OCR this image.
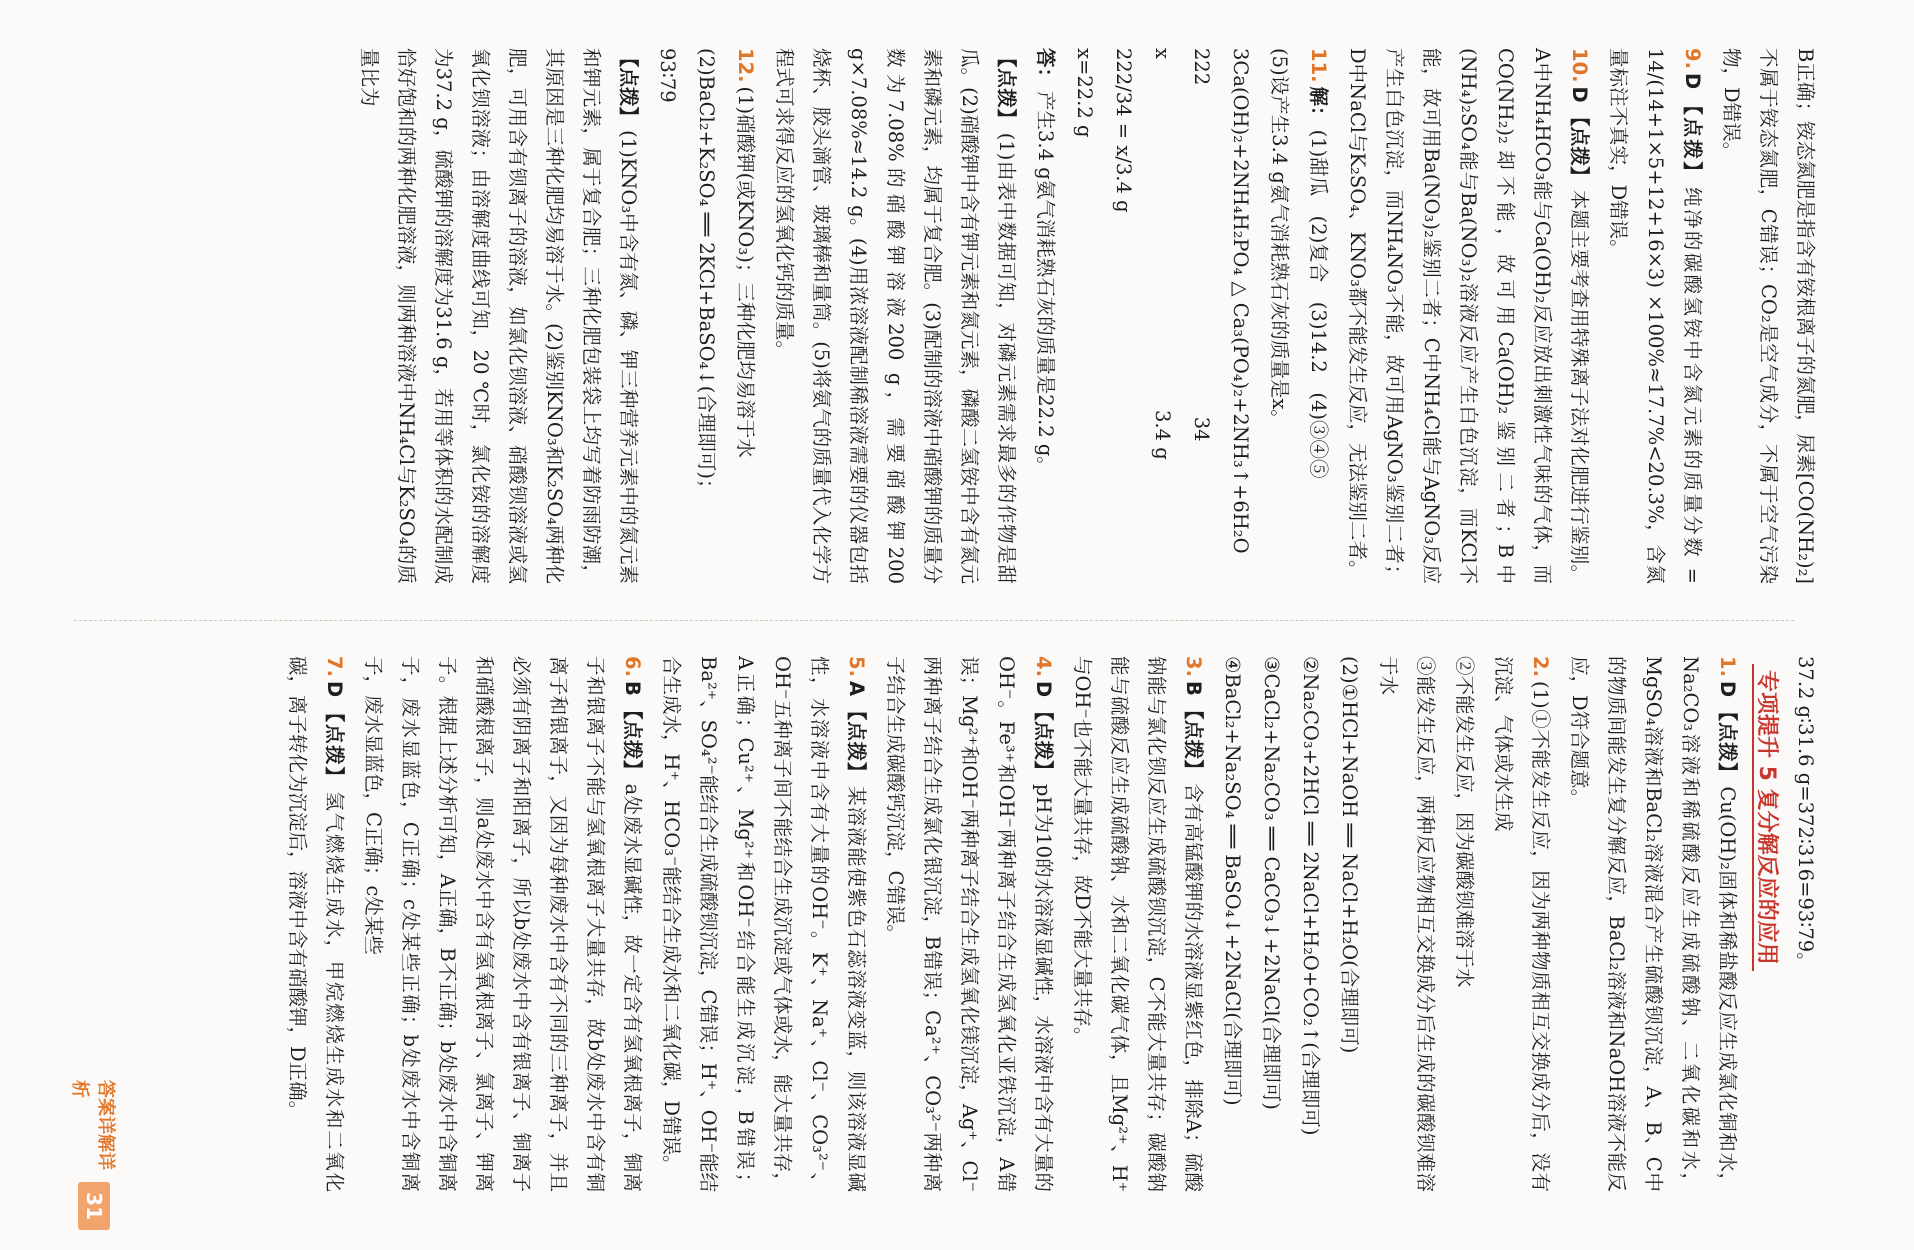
B正确；铵态氮肥是指含有铵根离子的氮肥，尿素[CO(NH₂)₂]不属于铵态氮肥，C错误；CO₂是空气成分，不属于空气污染物，D错误。
9.D【点拨】纯净的碳酸氢铵中含氮元素的质量分数 = 14/(14+1×5+12+16×3) ×100%≈17.7%<20.3%，含氮量标注不真实，D错误。
10.D【点拨】本题主要考查用特殊离子法对化肥进行鉴别。A中NH₄HCO₃能与Ca(OH)₂反应放出刺激性气味的气体，而CO(NH₂)₂却不能，故可用Ca(OH)₂鉴别二者；B中(NH₄)₂SO₄能与Ba(NO₃)₂溶液反应产生白色沉淀，而KCl不能，故可用Ba(NO₃)₂鉴别二者；C中NH₄Cl能与AgNO₃反应产生白色沉淀，而NH₄NO₃不能，故可用AgNO₃鉴别二者；D中NaCl与K₂SO₄、KNO₃都不能发生反应，无法鉴别二者。
11.解：(1)甜瓜　(2)复合　(3)14.2　(4)③④⑤
(5)设产生3.4 g氨气消耗熟石灰的质量是x。
3Ca(OH)₂+2NH₄H₂PO₄ △ Ca₃(PO₄)₂+2NH₃↑+6H₂O
222　　　　　　　　　　　　　　　　　34
x　　　　　　　　　　　　　　　　　　3.4 g
222/34 = x/3.4 g
x=22.2 g
答：产生3.4 g氨气消耗熟石灰的质量是22.2 g。
【点拨】(1)由表中数据可知，对磷元素需求最多的作物是甜瓜。(2)硝酸钾中含有钾元素和氮元素，磷酸二氢铵中含有氮元素和磷元素，均属于复合肥。(3)配制的溶液中硝酸钾的质量分数为7.08%的硝酸钾溶液200 g，需要硝酸钾200 g×7.08%≈14.2 g。(4)用浓溶液配制稀溶液需要的仪器包括烧杯、胶头滴管、玻璃棒和量筒。(5)将氨气的质量代入化学方程式可求得反应的氢氧化钙的质量。
12.(1)硝酸钾(或KNO₃)；三种化肥均易溶于水
(2)BaCl₂+K₂SO₄ ══ 2KCl+BaSO₄↓(合理即可)；
93∶79
【点拨】(1)KNO₃中含有氮、磷、钾三种营养元素中的氮元素和钾元素，属于复合肥；三种化肥包装袋上均写着防雨防潮，其原因是三种化肥均易溶于水。(2)鉴别KNO₃和K₂SO₄两种化肥，可用含有钡离子的溶液，如氯化钡溶液、硝酸钡溶液或氢氧化钡溶液；由溶解度曲线可知，20 ℃时，氯化铵的溶解度为37.2 g，硫酸钾的溶解度为31.6 g，若用等体积的水配制成恰好饱和的两种化肥溶液，则两种溶液中NH₄Cl与K₂SO₄的质量比为
37.2 g∶31.6 g=372∶316=93∶79。
专项提升 5 复分解反应的应用
1.D【点拨】Cu(OH)₂固体和稀盐酸反应生成氯化铜和水，Na₂CO₃溶液和稀硫酸反应生成硫酸钠、二氧化碳和水，MgSO₄溶液和BaCl₂溶液混合产生硫酸钡沉淀，A、B、C中的物质间能发生复分解反应，BaCl₂溶液和NaOH溶液不能反应，D符合题意。
2.(1)①不能发生反应，因为两种物质相互交换成分后，没有沉淀、气体或水生成
②不能发生反应，因为碳酸钡难溶于水
③能发生反应，两种反应物相互交换成分后生成的碳酸钡难溶于水
(2)①HCl+NaOH ══ NaCl+H₂O(合理即可)
②Na₂CO₃+2HCl ══ 2NaCl+H₂O+CO₂↑(合理即可)
③CaCl₂+Na₂CO₃ ══ CaCO₃↓+2NaCl(合理即可)
④BaCl₂+Na₂SO₄ ══ BaSO₄↓+2NaCl(合理即可)
3.B【点拨】含有高锰酸钾的水溶液显紫红色，排除A；硫酸钠能与氯化钡反应生成硫酸钡沉淀，C不能大量共存；碳酸钠能与硫酸反应生成硫酸钠、水和二氧化碳气体，且Mg²⁺、H⁺与OH⁻也不能大量共存，故D不能大量共存。
4.D【点拨】pH为10的水溶液显碱性，水溶液中含有大量的OH⁻。Fe³⁺和OH⁻两种离子结合生成氢氧化亚铁沉淀，A错误；Mg²⁺和OH⁻两种离子结合生成氢氧化镁沉淀，Ag⁺、Cl⁻两种离子结合生成氯化银沉淀，B错误；Ca²⁺、CO₃²⁻两种离子结合生成碳酸钙沉淀，C错误。
5.A【点拨】某溶液能使紫色石蕊溶液变蓝，则该溶液显碱性，水溶液中含有大量的OH⁻。K⁺、Na⁺、Cl⁻、CO₃²⁻、OH⁻五种离子间不能结合生成沉淀或气体或水，能大量共存，A正确；Cu²⁺、Mg²⁺和OH⁻结合能生成沉淀，B错误；Ba²⁺、SO₄²⁻能结合生成硫酸钡沉淀，C错误；H⁺、OH⁻能结合生成水，H⁺、HCO₃⁻能结合生成水和二氧化碳，D错误。
6.B【点拨】a处废水显碱性，故一定含有氢氧根离子，铜离子和银离子不能与氢氧根离子大量共存，故b处废水中含有铜离子和银离子，又因为每种废水中含有不同的三种离子，并且必须有阴离子和阳离子，所以b处废水中含有银离子、铜离子和硝酸根离子，则a处废水中含有氢氧根离子、氯离子、钾离子。根据上述分析可知，A正确，B不正确；b处废水中含铜离子，废水显蓝色，C正确；c处某些正确；b处废水中含铜离子，废水显蓝色，C正确；c处某些
7.D【点拨】氢气燃烧生成水，甲烷燃烧生成水和二氧化碳，离子转化为沉淀后，溶液中含有硝酸钾，D正确。
答案详解详析
31
